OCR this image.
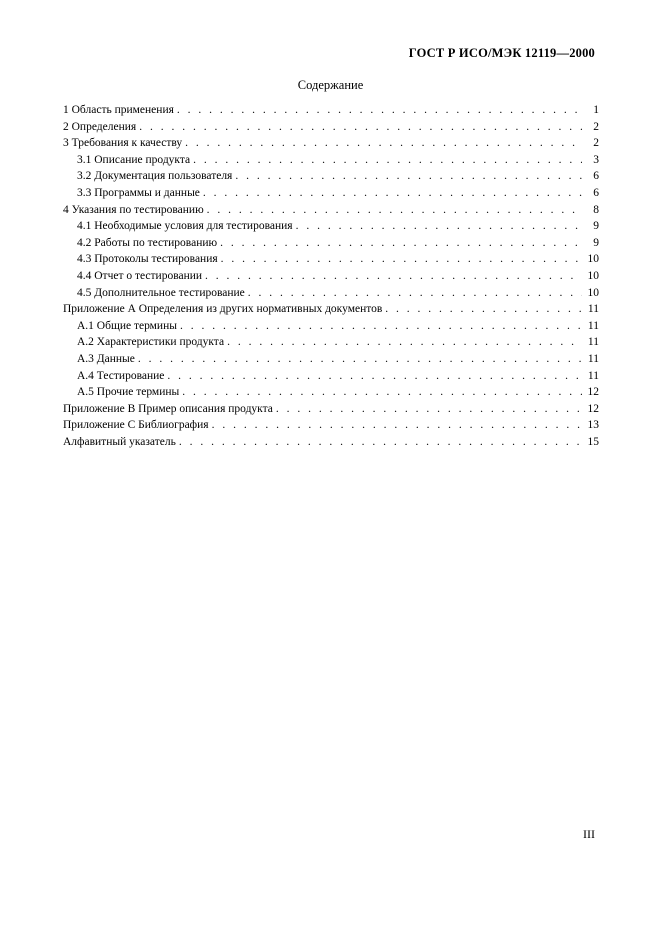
ГОСТ Р ИСО/МЭК 12119—2000
Содержание
1 Область применения . . .	1
2 Определения . . .	2
3 Требования к качеству . . .	2
3.1 Описание продукта . . .	3
3.2 Документация пользователя . . .	6
3.3 Программы и данные . . .	6
4 Указания по тестированию . . .	8
4.1 Необходимые условия для тестирования . . .	9
4.2 Работы по тестированию . . .	9
4.3 Протоколы тестирования . . .	10
4.4 Отчет о тестировании . . .	10
4.5 Дополнительное тестирование . . .	10
Приложение А Определения из других нормативных документов . . .	11
А.1 Общие термины . . .	11
А.2 Характеристики продукта . . .	11
А.3 Данные . . .	11
А.4 Тестирование . . .	11
А.5 Прочие термины . . .	12
Приложение В Пример описания продукта . . .	12
Приложение С Библиография . . .	13
Алфавитный указатель . . .	15
III
